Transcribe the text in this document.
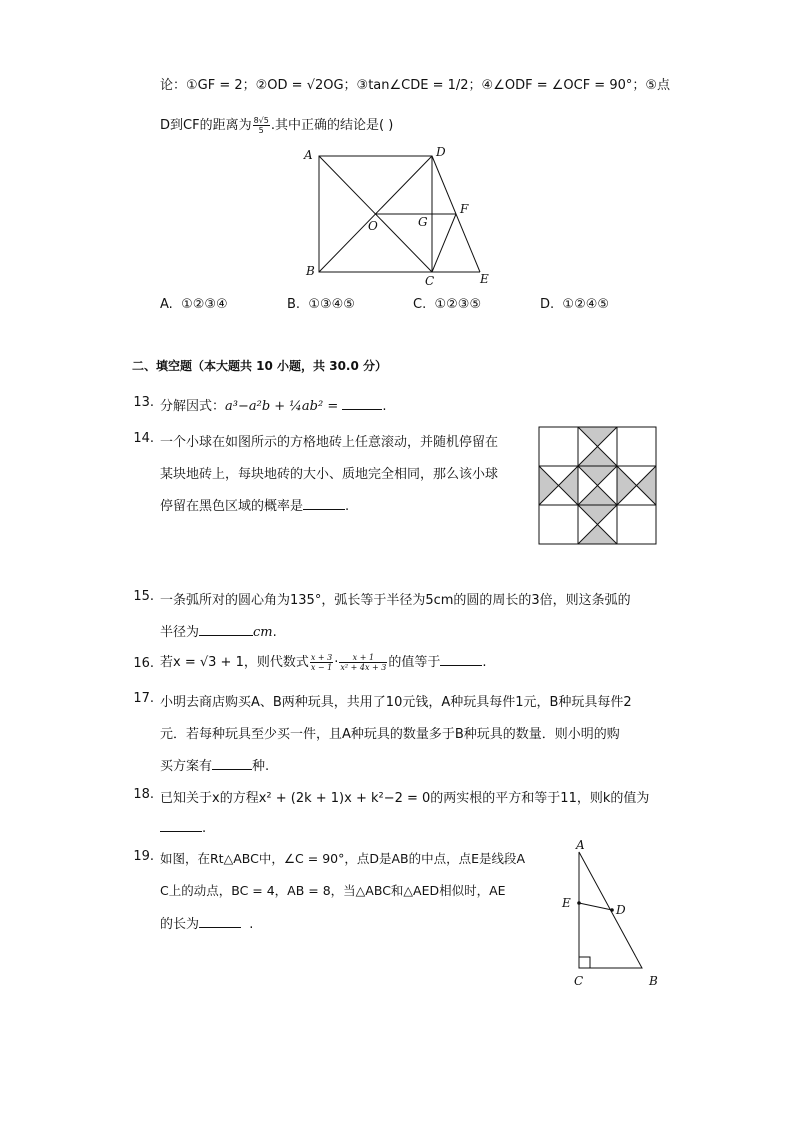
论：①GF = 2；②OD = √2OG；③tan∠CDE = 1/2；④∠ODF = ∠OCF = 90°；⑤点
D到CF的距离为 $\frac{8√5}{5}$ .其中正确的结论是( )
A	D
B
C	E
O	G
F
A. ①②③④	B. ①③④⑤	C. ①②③⑤	D. ①②④⑤
二、填空题（本大题共 10 小题，共 30.0 分）
13. 分解因式：a³−a²b + ¼ab² =	.
14. 一个小球在如图所示的方格地砖上任意滚动，并随机停留在
某块地砖上，每块地砖的大小、质地完全相同，那么该小球
停留在黑色区域的概率是	.
15. 一条弧所对的圆心角为135°，弧长等于半径为5cm的圆的周长的3倍，则这条弧的
半径为	cm.
16. 若x = √3 + 1，则代数式 $\frac{x + 3}{x - 1} \cdot \frac{x + 1}{\text{x² + 4x + 3}}$ 的值等于	.
17. 小明去商店购买A、B两种玩具，共用了10元钱，A种玩具每件1元，B种玩具每件2
元．若每种玩具至少买一件，且A种玩具的数量多于B种玩具的数量．则小明的购
买方案有	种.
18. 已知关于x的方程x² + (2k + 1)x + k²−2 = 0的两实根的平方和等于11，则k的值为
.
19. 如图，在Rt△ABC中，∠C = 90°，点D是AB的中点，点E是线段A
C上的动点，BC = 4，AB = 8，当△ABC和△AED相似时，AE
的长为	.
A
E	D
C	B
